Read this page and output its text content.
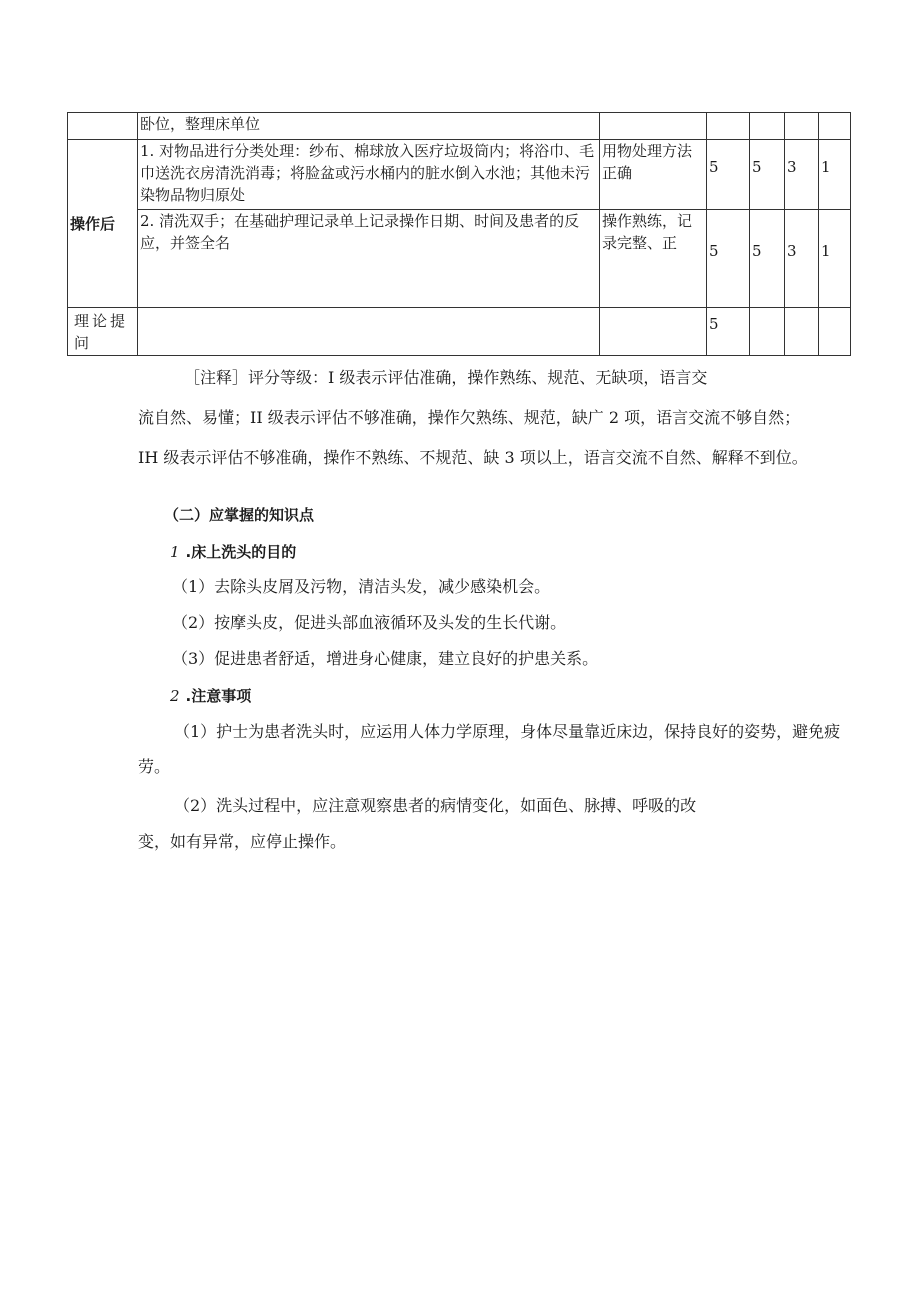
	卧位，整理床单位					
操作后	1. 对物品进行分类处理：纱布、棉球放入医疗垃圾筒内；将浴巾、毛巾送洗衣房清洗消毒；将脸盆或污水桶内的脏水倒入水池；其他未污染物品物归原处	用物处理方法正确	5	5	3	1
	2. 清洗双手；在基础护理记录单上记录操作日期、时间及患者的反应，并签全名	操作熟练，记录完整、正	5	5	3	1
理论提问			5			

［注释］评分等级：I 级表示评估准确，操作熟练、规范、无缺项，语言交

流自然、易懂；II 级表示评估不够准确，操作欠熟练、规范，缺广 2 项，语言交流不够自然；

IH 级表示评估不够准确，操作不熟练、不规范、缺 3 项以上，语言交流不自然、解释不到位。

（二）应掌握的知识点

1 .床上洗头的目的

（1）去除头皮屑及污物，清洁头发，减少感染机会。

（2）按摩头皮，促进头部血液循环及头发的生长代谢。

（3）促进患者舒适，增进身心健康，建立良好的护患关系。

2 .注意事项

（1）护士为患者洗头时，应运用人体力学原理，身体尽量靠近床边，保持良好的姿势，避免疲劳。

（2）洗头过程中，应注意观察患者的病情变化，如面色、脉搏、呼吸的改

变，如有异常，应停止操作。
